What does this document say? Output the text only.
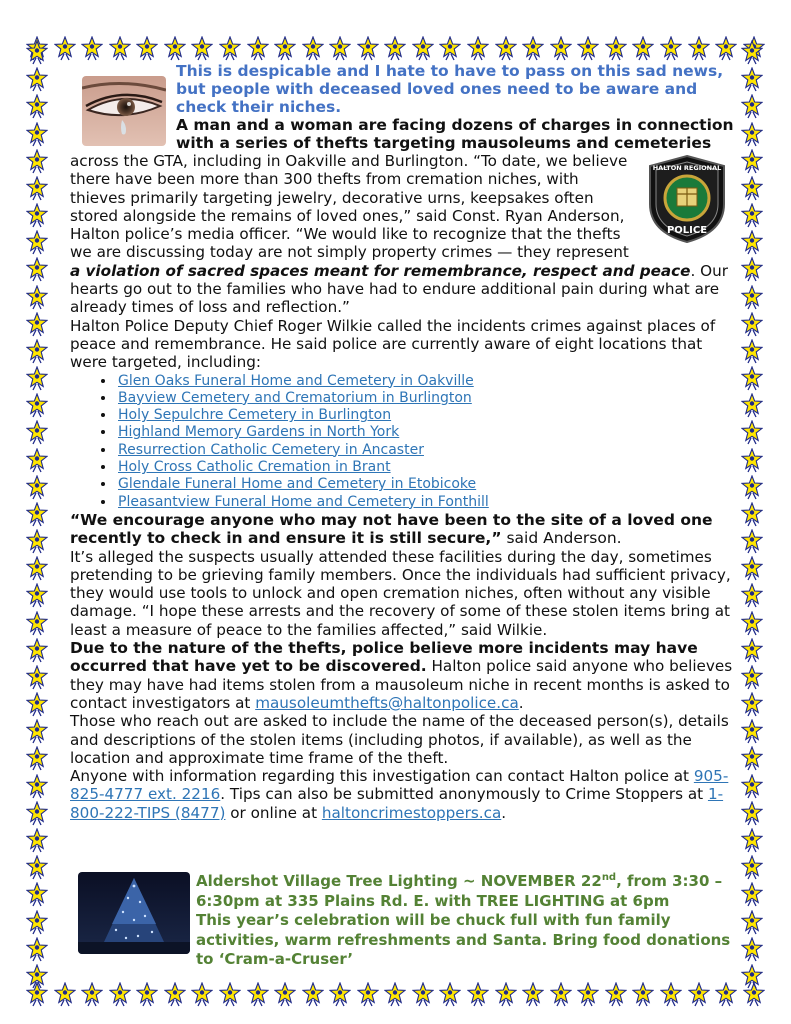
This is despicable and I hate to have to pass on this sad news, but people with deceased loved ones need to be aware and check their niches.

A man and a woman are facing dozens of charges in connection with a series of thefts targeting mausoleums and cemeteries

HALTON REGIONAL
POLICE
across the GTA, including in Oakville and Burlington. “To date, we believe there have been more than 300 thefts from cremation niches, with thieves primarily targeting jewelry, decorative urns, keepsakes often stored alongside the remains of loved ones,” said Const. Ryan Anderson, Halton police’s media officer. “We would like to recognize that the thefts we are discussing today are not simply property crimes — they represent a violation of sacred spaces meant for remembrance, respect and peace. Our hearts go out to the families who have had to endure additional pain during what are already times of loss and reflection.”

Halton Police Deputy Chief Roger Wilkie called the incidents crimes against places of peace and remembrance. He said police are currently aware of eight locations that were targeted, including:

• Glen Oaks Funeral Home and Cemetery in Oakville
• Bayview Cemetery and Crematorium in Burlington
• Holy Sepulchre Cemetery in Burlington
• Highland Memory Gardens in North York
• Resurrection Catholic Cemetery in Ancaster
• Holy Cross Catholic Cremation in Brant
• Glendale Funeral Home and Cemetery in Etobicoke
• Pleasantview Funeral Home and Cemetery in Fonthill

“We encourage anyone who may not have been to the site of a loved one recently to check in and ensure it is still secure,” said Anderson.

It’s alleged the suspects usually attended these facilities during the day, sometimes pretending to be grieving family members. Once the individuals had sufficient privacy, they would use tools to unlock and open cremation niches, often without any visible damage. “I hope these arrests and the recovery of some of these stolen items bring at least a measure of peace to the families affected,” said Wilkie.

Due to the nature of the thefts, police believe more incidents may have occurred that have yet to be discovered. Halton police said anyone who believes they may have had items stolen from a mausoleum niche in recent months is asked to contact investigators at mausoleumthefts@haltonpolice.ca.

Those who reach out are asked to include the name of the deceased person(s), details and descriptions of the stolen items (including photos, if available), as well as the location and approximate time frame of the theft.

Anyone with information regarding this investigation can contact Halton police at 905-825-4777 ext. 2216. Tips can also be submitted anonymously to Crime Stoppers at 1-800-222-TIPS (8477) or online at haltoncrimestoppers.ca.

Aldershot Village Tree Lighting ~ NOVEMBER 22nd, from 3:30 – 6:30pm at 335 Plains Rd. E. with TREE LIGHTING at 6pm

This year’s celebration will be chuck full with fun family activities, warm refreshments and Santa. Bring food donations to ‘Cram-a-Cruser’
